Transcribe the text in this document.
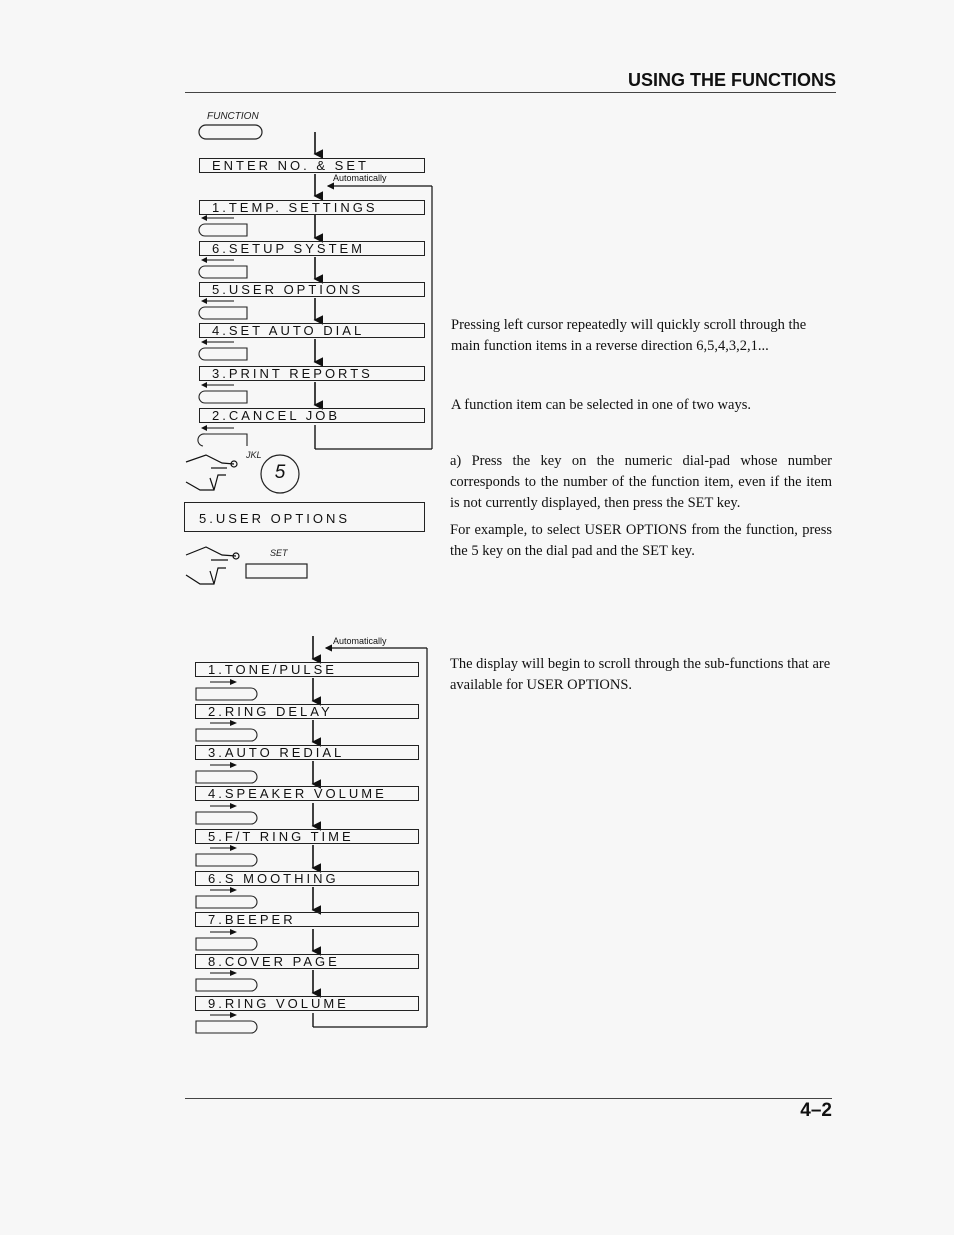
USING THE FUNCTIONS
FUNCTION
ENTER NO. & SET
Automatically
1.TEMP. SETTINGS
6.SETUP SYSTEM
5.USER OPTIONS
4.SET AUTO DIAL
3.PRINT REPORTS
2.CANCEL JOB
JKL
5
5.USER OPTIONS
SET
Automatically
1.TONE/PULSE
2.RING DELAY
3.AUTO REDIAL
4.SPEAKER VOLUME
5.F/T RING TIME
6.S MOOTHING
7.BEEPER
8.COVER PAGE
9.RING VOLUME
Pressing left cursor repeatedly will quickly scroll through the main function items in a reverse direction 6,5,4,3,2,1...
A function item can be selected in one of two ways.
a) Press the key on the numeric dial-pad whose number corresponds to the number of the function item, even if the item is not currently displayed, then press the SET key.
For example, to select USER OPTIONS from the function, press the 5 key on the dial pad and the SET key.
The display will begin to scroll through the sub-functions that are available for USER OPTIONS.
4–2
